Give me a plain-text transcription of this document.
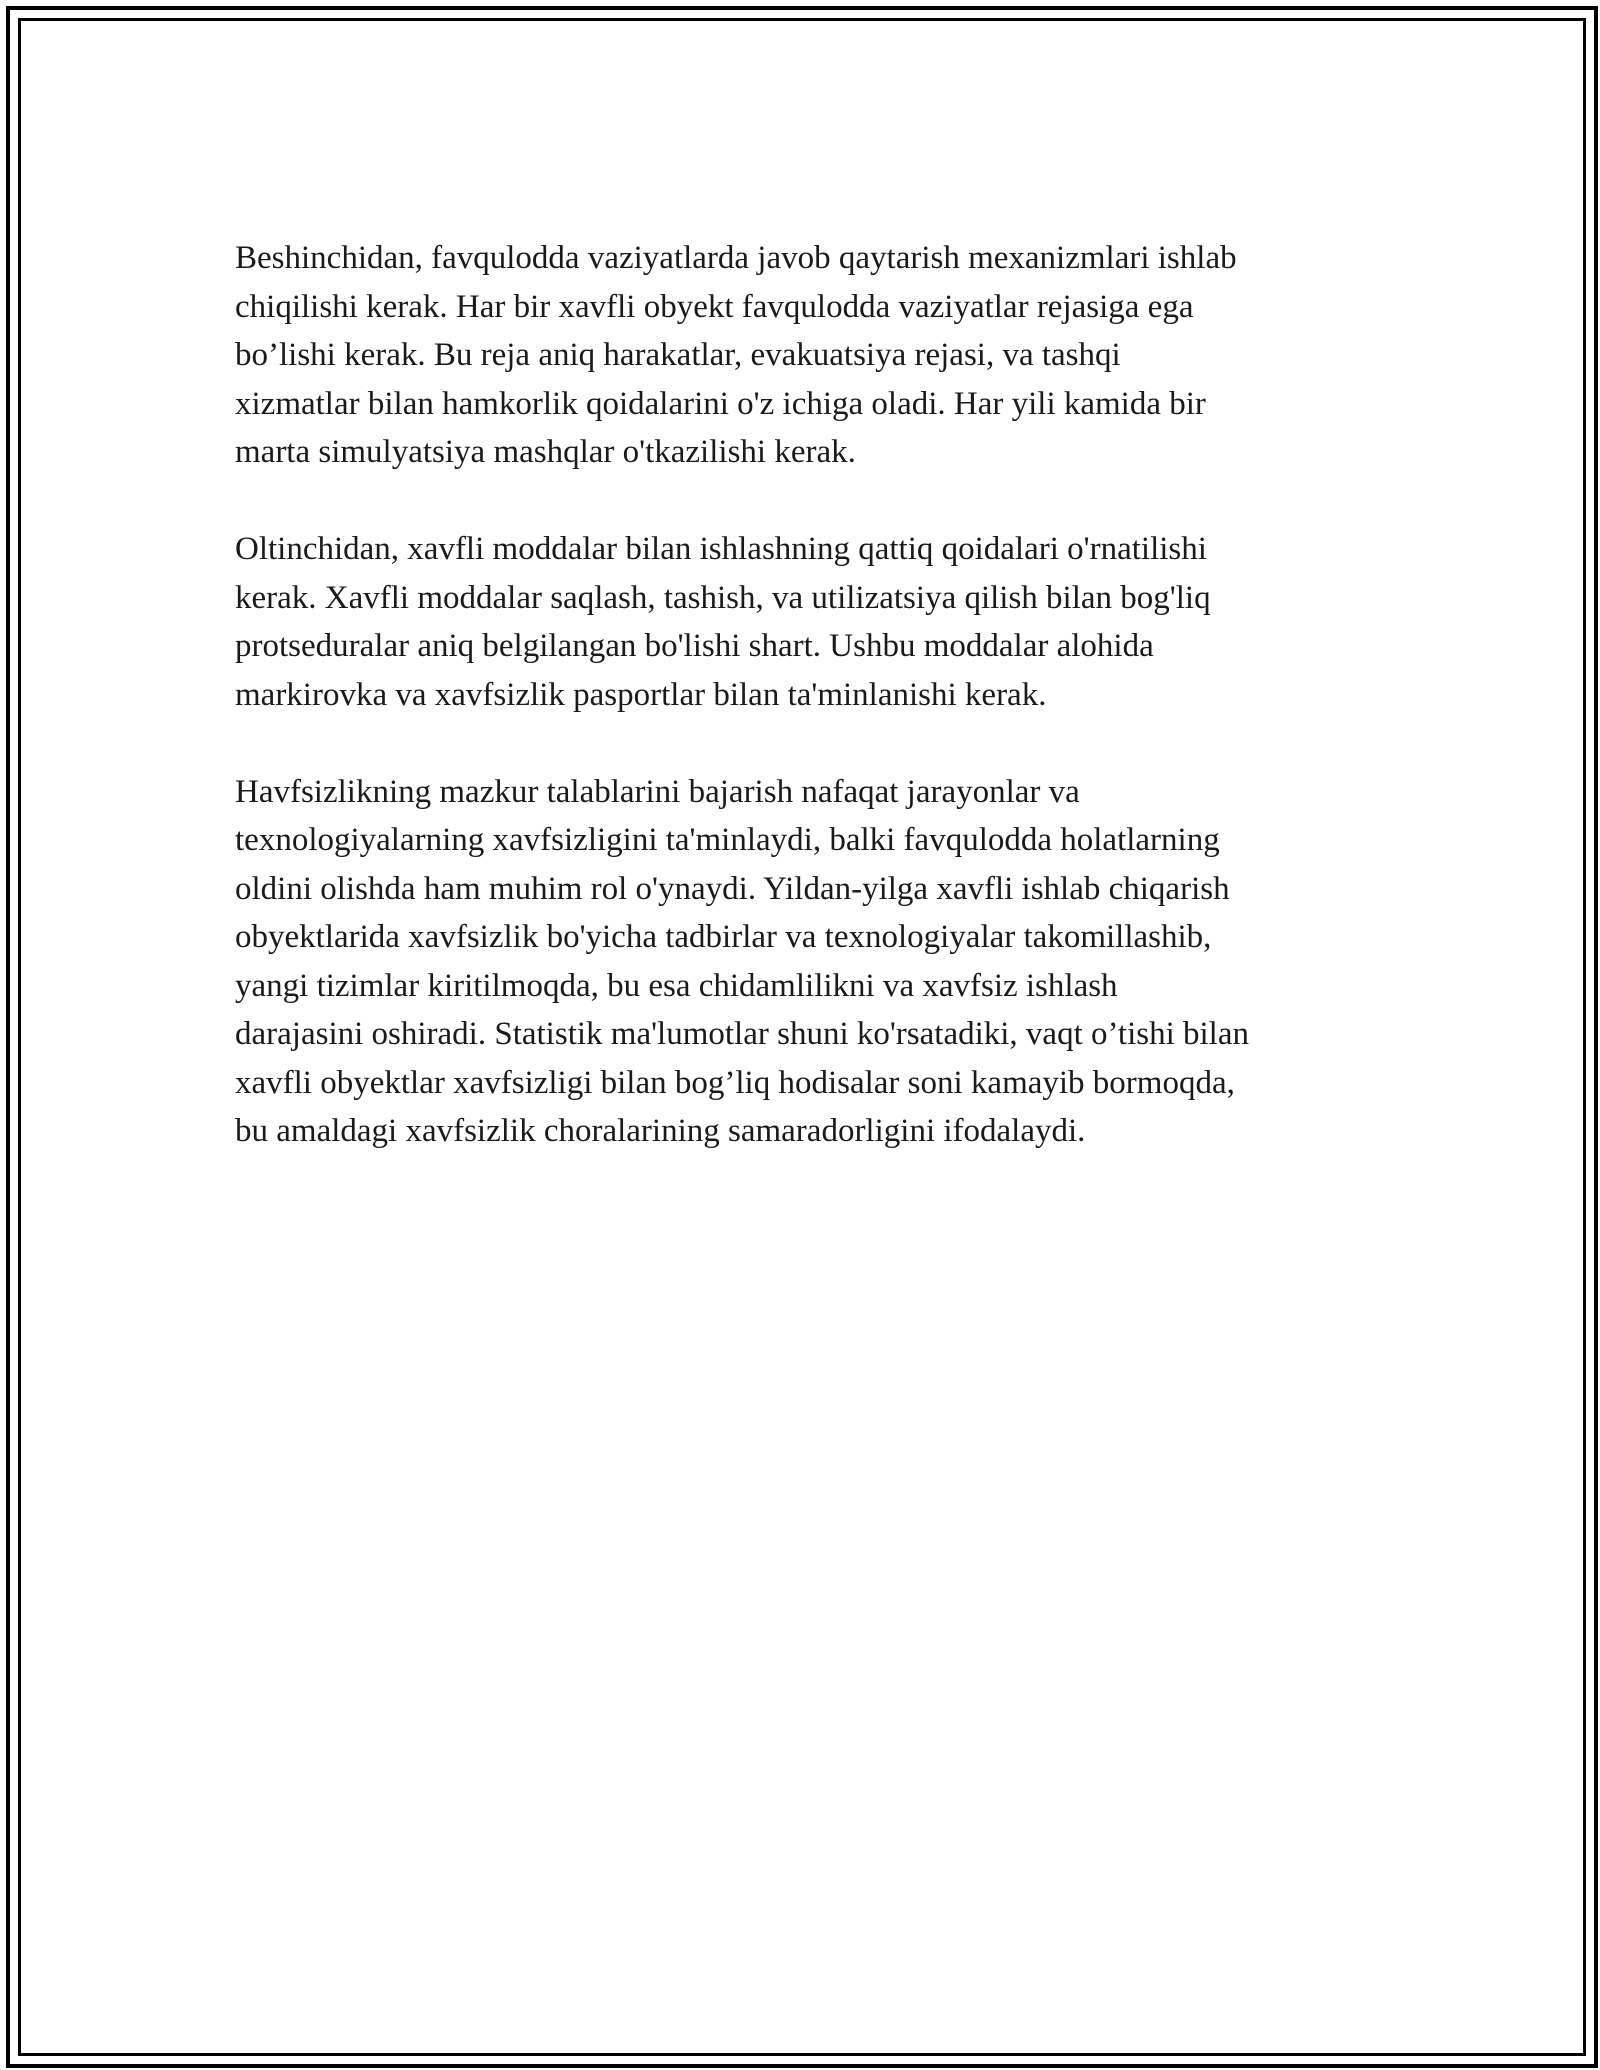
Beshinchidan, favqulodda vaziyatlarda javob qaytarish mexanizmlari ishlab
chiqilishi kerak. Har bir xavfli obyekt favqulodda vaziyatlar rejasiga ega
bo’lishi kerak. Bu reja aniq harakatlar, evakuatsiya rejasi, va tashqi
xizmatlar bilan hamkorlik qoidalarini o'z ichiga oladi. Har yili kamida bir
marta simulyatsiya mashqlar o'tkazilishi kerak.

Oltinchidan, xavfli moddalar bilan ishlashning qattiq qoidalari o'rnatilishi
kerak. Xavfli moddalar saqlash, tashish, va utilizatsiya qilish bilan bog'liq
protseduralar aniq belgilangan bo'lishi shart. Ushbu moddalar alohida
markirovka va xavfsizlik pasportlar bilan ta'minlanishi kerak.

Havfsizlikning mazkur talablarini bajarish nafaqat jarayonlar va
texnologiyalarning xavfsizligini ta'minlaydi, balki favqulodda holatlarning
oldini olishda ham muhim rol o'ynaydi. Yildan-yilga xavfli ishlab chiqarish
obyektlarida xavfsizlik bo'yicha tadbirlar va texnologiyalar takomillashib,
yangi tizimlar kiritilmoqda, bu esa chidamlilikni va xavfsiz ishlash
darajasini oshiradi. Statistik ma'lumotlar shuni ko'rsatadiki, vaqt o’tishi bilan
xavfli obyektlar xavfsizligi bilan bog’liq hodisalar soni kamayib bormoqda,
bu amaldagi xavfsizlik choralarining samaradorligini ifodalaydi.
